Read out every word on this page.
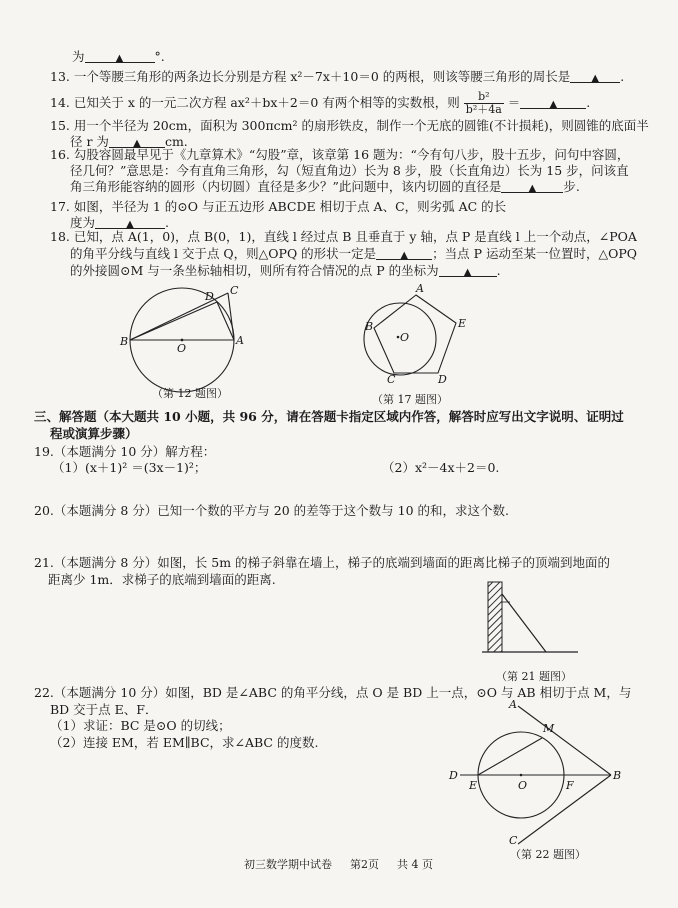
为	▲ °.
13. 一个等腰三角形的两条边长分别是方程 x²－7x＋10＝0 的两根，则该等腰三角形的周长是 ▲ .
14. 已知关于 x 的一元二次方程 ax²＋bx＋2＝0 有两个相等的实数根，则 $\frac{\text{b²}}{\text{b²＋4a}}$ ＝	▲ .
15. 用一个半径为 20cm，面积为 300πcm² 的扇形铁皮，制作一个无底的圆锥(不计损耗)，则圆锥的底面半
径 r 为 ▲ cm.
16. 勾股容圆最早见于《九章算术》“勾股”章，该章第 16 题为：“今有句八步，股十五步，问句中容圆，
径几何？”意思是：今有直角三角形，勾（短直角边）长为 8 步，股（长直角边）长为 15 步，问该直
角三角形能容纳的圆形（内切圆）直径是多少？”此问题中，该内切圆的直径是	▲ 步.
17. 如图，半径为 1 的⊙O 与正五边形 ABCDE 相切于点 A、C，则劣弧 AC 的长
度为	▲ .
18. 已知，点 A(1，0)，点 B(0，1)，直线 l 经过点 B 且垂直于 y 轴，点 P 是直线 l 上一个动点，∠POA
的角平分线与直线 l 交于点 Q，则△OPQ 的形状一定是 ▲ ；当点 P 运动至某一位置时，△OPQ
的外接圆⊙M 与一条坐标轴相切，则所有符合情况的点 P 的坐标为	▲ .
D C
B
O
A
（第 12 题图）
A
B
O
E
C	D
（第 17 题图）
三、解答题（本大题共 10 小题，共 96 分，请在答题卡指定区域内作答，解答时应写出文字说明、证明过
程或演算步骤）
19.（本题满分 10 分）解方程：
（1）(x＋1)² ＝(3x－1)²；	（2）x²－4x＋2＝0.
20.（本题满分 8 分）已知一个数的平方与 20 的差等于这个数与 10 的和，求这个数.
21.（本题满分 8 分）如图，长 5m 的梯子斜靠在墙上，梯子的底端到墙面的距离比梯子的顶端到地面的
距离少 1m．求梯子的底端到墙面的距离.
（第 21 题图）
22.（本题满分 10 分）如图，BD 是∠ABC 的角平分线，点 O 是 BD 上一点，⊙O 与 AB 相切于点 M，与
BD 交于点 E、F．
（1）求证：BC 是⊙O 的切线；
（2）连接 EM，若 EM∥BC，求∠ABC 的度数.
A
M
D
E	O	F
B
C
（第 22 题图）
初三数学期中试卷 第2页 共 4 页
